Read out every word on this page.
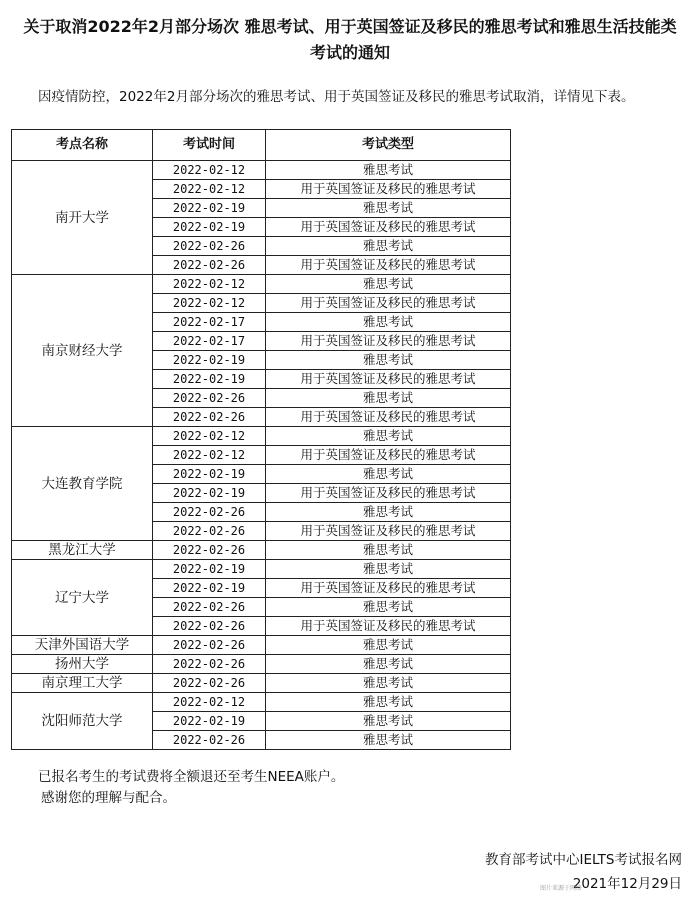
关于取消2022年2月部分场次 雅思考试、用于英国签证及移民的雅思考试和雅思生活技能类
考试的通知
因疫情防控，2022年2月部分场次的雅思考试、用于英国签证及移民的雅思考试取消，详情见下表。
考点名称	考试时间	考试类型
南开大学	2022-02-12	雅思考试
	2022-02-12	用于英国签证及移民的雅思考试
	2022-02-19	雅思考试
	2022-02-19	用于英国签证及移民的雅思考试
	2022-02-26	雅思考试
	2022-02-26	用于英国签证及移民的雅思考试
南京财经大学	2022-02-12	雅思考试
	2022-02-12	用于英国签证及移民的雅思考试
	2022-02-17	雅思考试
	2022-02-17	用于英国签证及移民的雅思考试
	2022-02-19	雅思考试
	2022-02-19	用于英国签证及移民的雅思考试
	2022-02-26	雅思考试
	2022-02-26	用于英国签证及移民的雅思考试
大连教育学院	2022-02-12	雅思考试
	2022-02-12	用于英国签证及移民的雅思考试
	2022-02-19	雅思考试
	2022-02-19	用于英国签证及移民的雅思考试
	2022-02-26	雅思考试
	2022-02-26	用于英国签证及移民的雅思考试
黑龙江大学	2022-02-26	雅思考试
辽宁大学	2022-02-19	雅思考试
	2022-02-19	用于英国签证及移民的雅思考试
	2022-02-26	雅思考试
	2022-02-26	用于英国签证及移民的雅思考试
天津外国语大学	2022-02-26	雅思考试
扬州大学	2022-02-26	雅思考试
南京理工大学	2022-02-26	雅思考试
沈阳师范大学	2022-02-12	雅思考试
	2022-02-19	雅思考试
	2022-02-26	雅思考试
已报名考生的考试费将全额退还至考生NEEA账户。
感谢您的理解与配合。
教育部考试中心IELTS考试报名网
2021年12月29日
图片来源于网络
